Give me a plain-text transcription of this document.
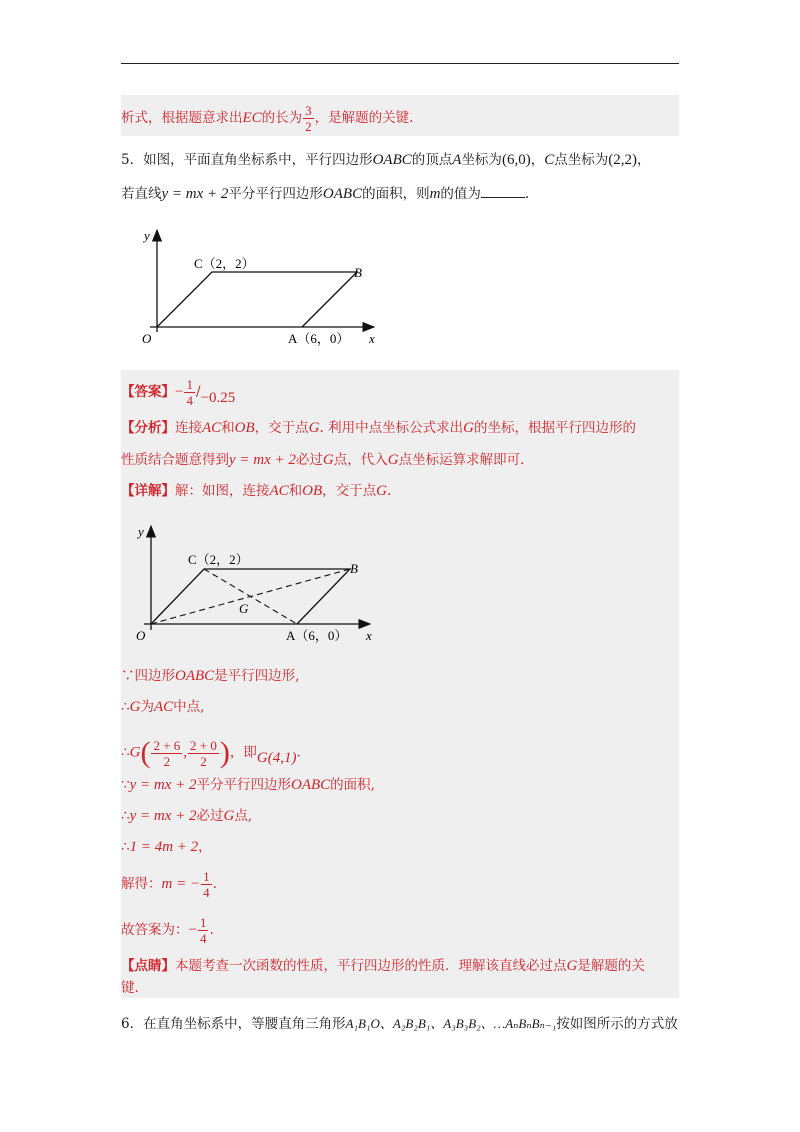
析式，根据题意求出EC的长为 $\frac{3}{2}$ ，是解题的关键.
5．如图，平面直角坐标系中，平行四边形OABC的顶点A坐标为(6,0)，C点坐标为(2,2)，
若直线y = mx + 2平分平行四边形OABC的面积，则m的值为	.
y
x
O
C（2，2）
B
A（6，0）
【答案】− $\frac{1}{4} /-0.25$
【分析】连接AC和OB，交于点G. 利用中点坐标公式求出G的坐标，根据平行四边形的
性质结合题意得到y = mx + 2必过G点，代入G点坐标运算求解即可.
【详解】解：如图，连接AC和OB，交于点G.
y
x
O
C（2，2）
B
A（6，0）
G
∵四边形OABC是平行四边形,
∴G为AC中点,
∴G( $\frac{2 + 6}{2}$ , $\frac{2 + 0}{2}$ )，即G(4,1).
∵y = mx + 2平分平行四边形OABC的面积,
∴y = mx + 2必过G点,
∴1 = 4m + 2，
解得：m = − $\frac{1}{4}$ .
故答案为：− $\frac{1}{4}$ .
【点睛】本题考查一次函数的性质，平行四边形的性质．理解该直线必过点G是解题的关
键.
6．在直角坐标系中，等腰直角三角形A₁B₁O、A₂B₂B₁、A₃B₃B₂、…AₙBₙBₙ₋₁按如图所示的方式放
